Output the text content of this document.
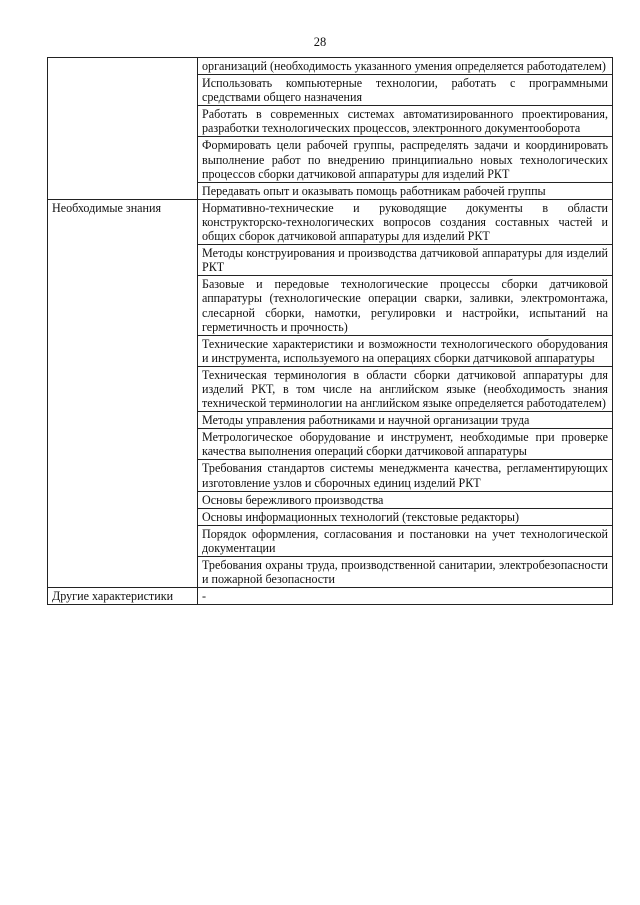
28
	организаций (необходимость указанного умения определяется работодателем)
	Использовать компьютерные технологии, работать с программными средствами общего назначения
	Работать в современных системах автоматизированного проектирования, разработки технологических процессов, электронного документооборота
	Формировать цели рабочей группы, распределять задачи и координировать выполнение работ по внедрению принципиально новых технологических процессов сборки датчиковой аппаратуры для изделий РКТ
	Передавать опыт и оказывать помощь работникам рабочей группы
Необходимые знания	Нормативно-технические и руководящие документы в области конструкторско-технологических вопросов создания составных частей и общих сборок датчиковой аппаратуры для изделий РКТ
	Методы конструирования и производства датчиковой аппаратуры для изделий РКТ
	Базовые и передовые технологические процессы сборки датчиковой аппаратуры (технологические операции сварки, заливки, электромонтажа, слесарной сборки, намотки, регулировки и настройки, испытаний на герметичность и прочность)
	Технические характеристики и возможности технологического оборудования и инструмента, используемого на операциях сборки датчиковой аппаратуры
	Техническая терминология в области сборки датчиковой аппаратуры для изделий РКТ, в том числе на английском языке (необходимость знания технической терминологии на английском языке определяется работодателем)
	Методы управления работниками и научной организации труда
	Метрологическое оборудование и инструмент, необходимые при проверке качества выполнения операций сборки датчиковой аппаратуры
	Требования стандартов системы менеджмента качества, регламентирующих изготовление узлов и сборочных единиц изделий РКТ
	Основы бережливого производства
	Основы информационных технологий (текстовые редакторы)
	Порядок оформления, согласования и постановки на учет технологической документации
	Требования охраны труда, производственной санитарии, электробезопасности и пожарной безопасности
Другие характеристики	-
